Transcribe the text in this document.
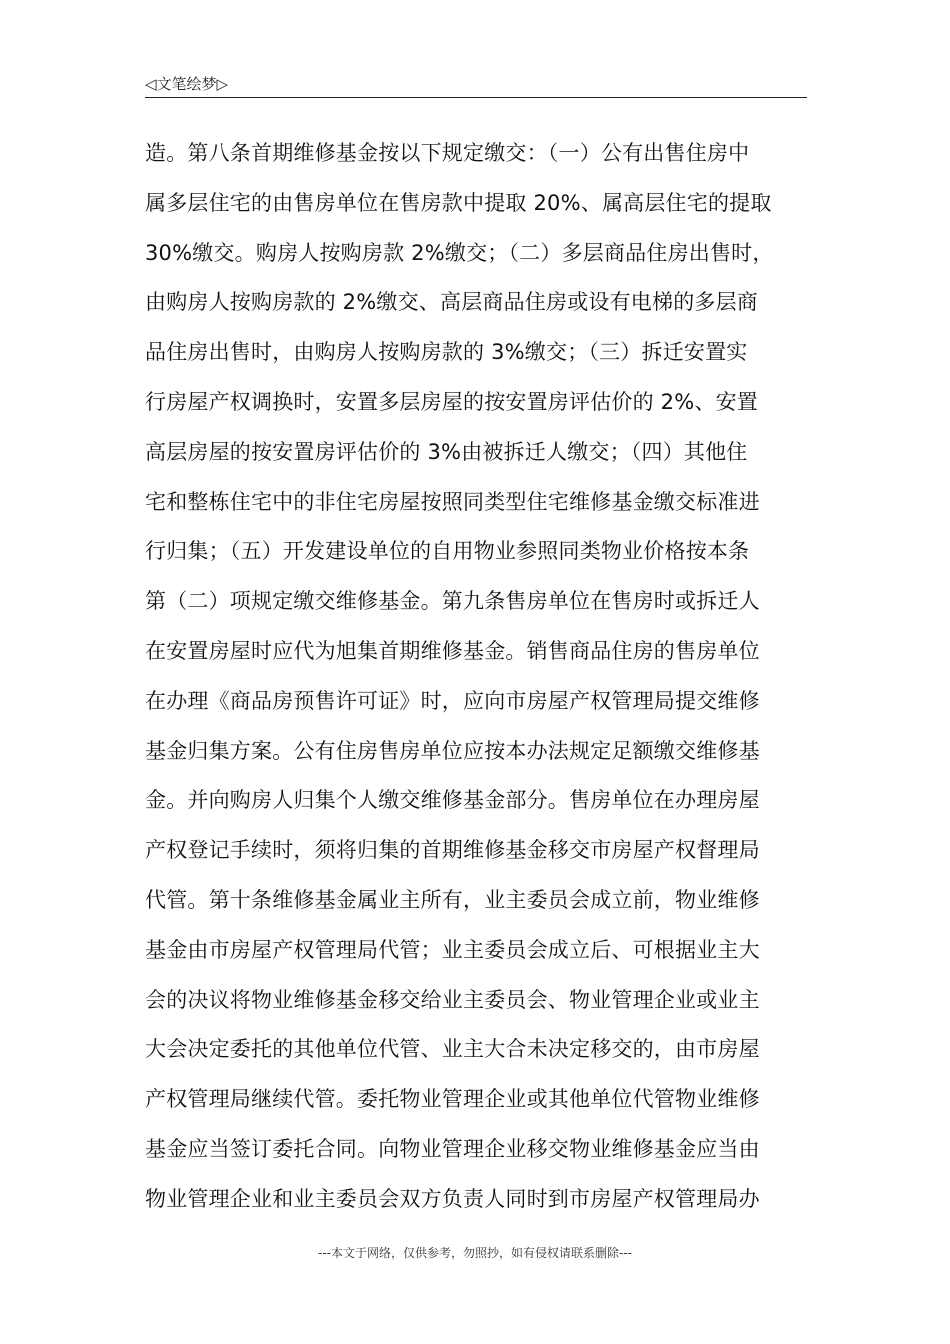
◁文笔绘梦▷
造。第八条首期维修基金按以下规定缴交：（一）公有出售住房中
属多层住宅的由售房单位在售房款中提取 20%、属高层住宅的提取
30%缴交。购房人按购房款 2%缴交；（二）多层商品住房出售时，
由购房人按购房款的 2%缴交、高层商品住房或设有电梯的多层商
品住房出售时，由购房人按购房款的 3%缴交；（三）拆迁安置实
行房屋产权调换时，安置多层房屋的按安置房评估价的 2%、安置
高层房屋的按安置房评估价的 3%由被拆迁人缴交；（四）其他住
宅和整栋住宅中的非住宅房屋按照同类型住宅维修基金缴交标准进
行归集；（五）开发建设单位的自用物业参照同类物业价格按本条
第（二）项规定缴交维修基金。第九条售房单位在售房时或拆迁人
在安置房屋时应代为旭集首期维修基金。销售商品住房的售房单位
在办理《商品房预售许可证》时，应向市房屋产权管理局提交维修
基金归集方案。公有住房售房单位应按本办法规定足额缴交维修基
金。并向购房人归集个人缴交维修基金部分。售房单位在办理房屋
产权登记手续时，须将归集的首期维修基金移交市房屋产权督理局
代管。第十条维修基金属业主所有，业主委员会成立前，物业维修
基金由市房屋产权管理局代管；业主委员会成立后、可根据业主大
会的决议将物业维修基金移交给业主委员会、物业管理企业或业主
大会决定委托的其他单位代管、业主大合未决定移交的，由市房屋
产权管理局继续代管。委托物业管理企业或其他单位代管物业维修
基金应当签订委托合同。向物业管理企业移交物业维修基金应当由
物业管理企业和业主委员会双方负责人同时到市房屋产权管理局办
---本文于网络，仅供参考，勿照抄，如有侵权请联系删除---
